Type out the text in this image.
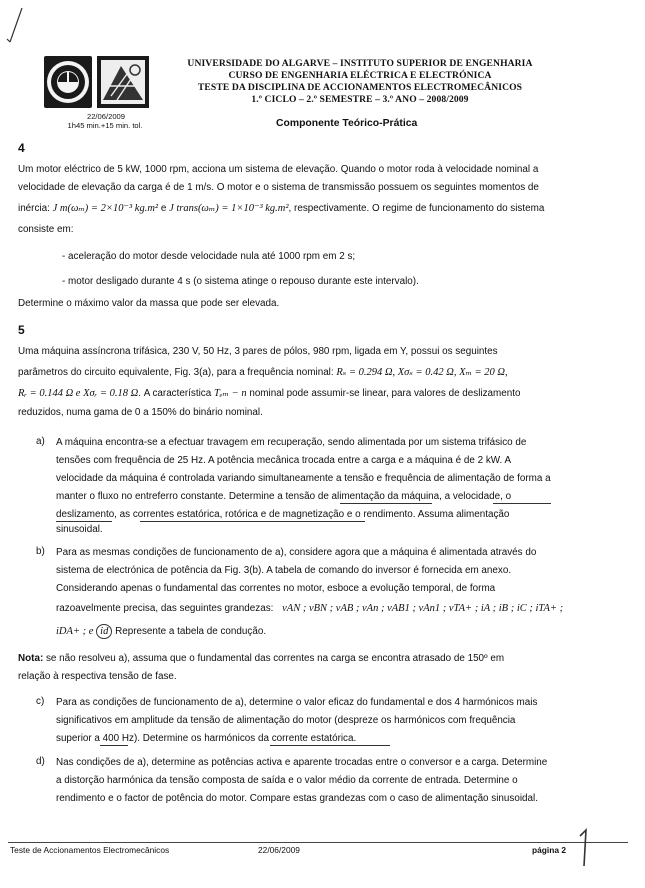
UNIVERSIDADE DO ALGARVE – INSTITUTO SUPERIOR DE ENGENHARIA
CURSO DE ENGENHARIA ELÉCTRICA E ELECTRÓNICA
TESTE DA DISCIPLINA DE ACCIONAMENTOS ELECTROMECÂNICOS
1.º CICLO – 2.º SEMESTRE – 3.º ANO – 2008/2009
22/06/2009
1h45 min.+15 min. tol.	Componente Teórico-Prática
4
Um motor eléctrico de 5 kW, 1000 rpm, acciona um sistema de elevação. Quando o motor roda à velocidade nominal a
velocidade de elevação da carga é de 1 m/s. O motor e o sistema de transmissão possuem os seguintes momentos de
inércia: J m(ωₘ) = 2×10⁻³ kg.m² e J trans(ωₘ) = 1×10⁻³ kg.m², respectivamente. O regime de funcionamento do sistema
consiste em:
- aceleração do motor desde velocidade nula até 1000 rpm em 2 s;
- motor desligado durante 4 s (o sistema atinge o repouso durante este intervalo).
Determine o máximo valor da massa que pode ser elevada.
5
Uma máquina assíncrona trifásica, 230 V, 50 Hz, 3 pares de pólos, 980 rpm, ligada em Y, possui os seguintes
parâmetros do circuito equivalente, Fig. 3(a), para a frequência nominal: Rₛ = 0.294 Ω, Xσₛ = 0.42 Ω, Xₘ = 20 Ω,
Rᵣ = 0.144 Ω e Xσᵣ = 0.18 Ω. A característica Tₑₘ − n nominal pode assumir-se linear, para valores de deslizamento
reduzidos, numa gama de 0 a 150% do binário nominal.
a) A máquina encontra-se a efectuar travagem em recuperação, sendo alimentada por um sistema trifásico de
tensões com frequência de 25 Hz. A potência mecânica trocada entre a carga e a máquina é de 2 kW. A
velocidade da máquina é controlada variando simultaneamente a tensão e frequência de alimentação de forma a
manter o fluxo no entreferro constante. Determine a tensão de alimentação da máquina, a velocidade, o
deslizamento, as correntes estatórica, rotórica e de magnetização e o rendimento. Assuma alimentação
sinusoidal.
b) Para as mesmas condições de funcionamento de a), considere agora que a máquina é alimentada através do
sistema de electrónica de potência da Fig. 3(b). A tabela de comando do inversor é fornecida em anexo.
Considerando apenas o fundamental das correntes no motor, esboce a evolução temporal, de forma
razoavelmente precisa, das seguintes grandezas: vAN ; vBN ; vAB ; vAn ; vAB1 ; vAn1 ; vTA+ ; iA ; iB ; iC ; iTA+ ;
iDA+ ; e id Represente a tabela de condução.
Nota: se não resolveu a), assuma que o fundamental das correntes na carga se encontra atrasado de 150º em
relação à respectiva tensão de fase.
c) Para as condições de funcionamento de a), determine o valor eficaz do fundamental e dos 4 harmónicos mais
significativos em amplitude da tensão de alimentação do motor (despreze os harmónicos com frequência
superior a 400 Hz). Determine os harmónicos da corrente estatórica.
d) Nas condições de a), determine as potências activa e aparente trocadas entre o conversor e a carga. Determine
a distorção harmónica da tensão composta de saída e o valor médio da corrente de entrada. Determine o
rendimento e o factor de potência do motor. Compare estas grandezas com o caso de alimentação sinusoidal.
Teste de Accionamentos Electromecânicos	22/06/2009	página 2
